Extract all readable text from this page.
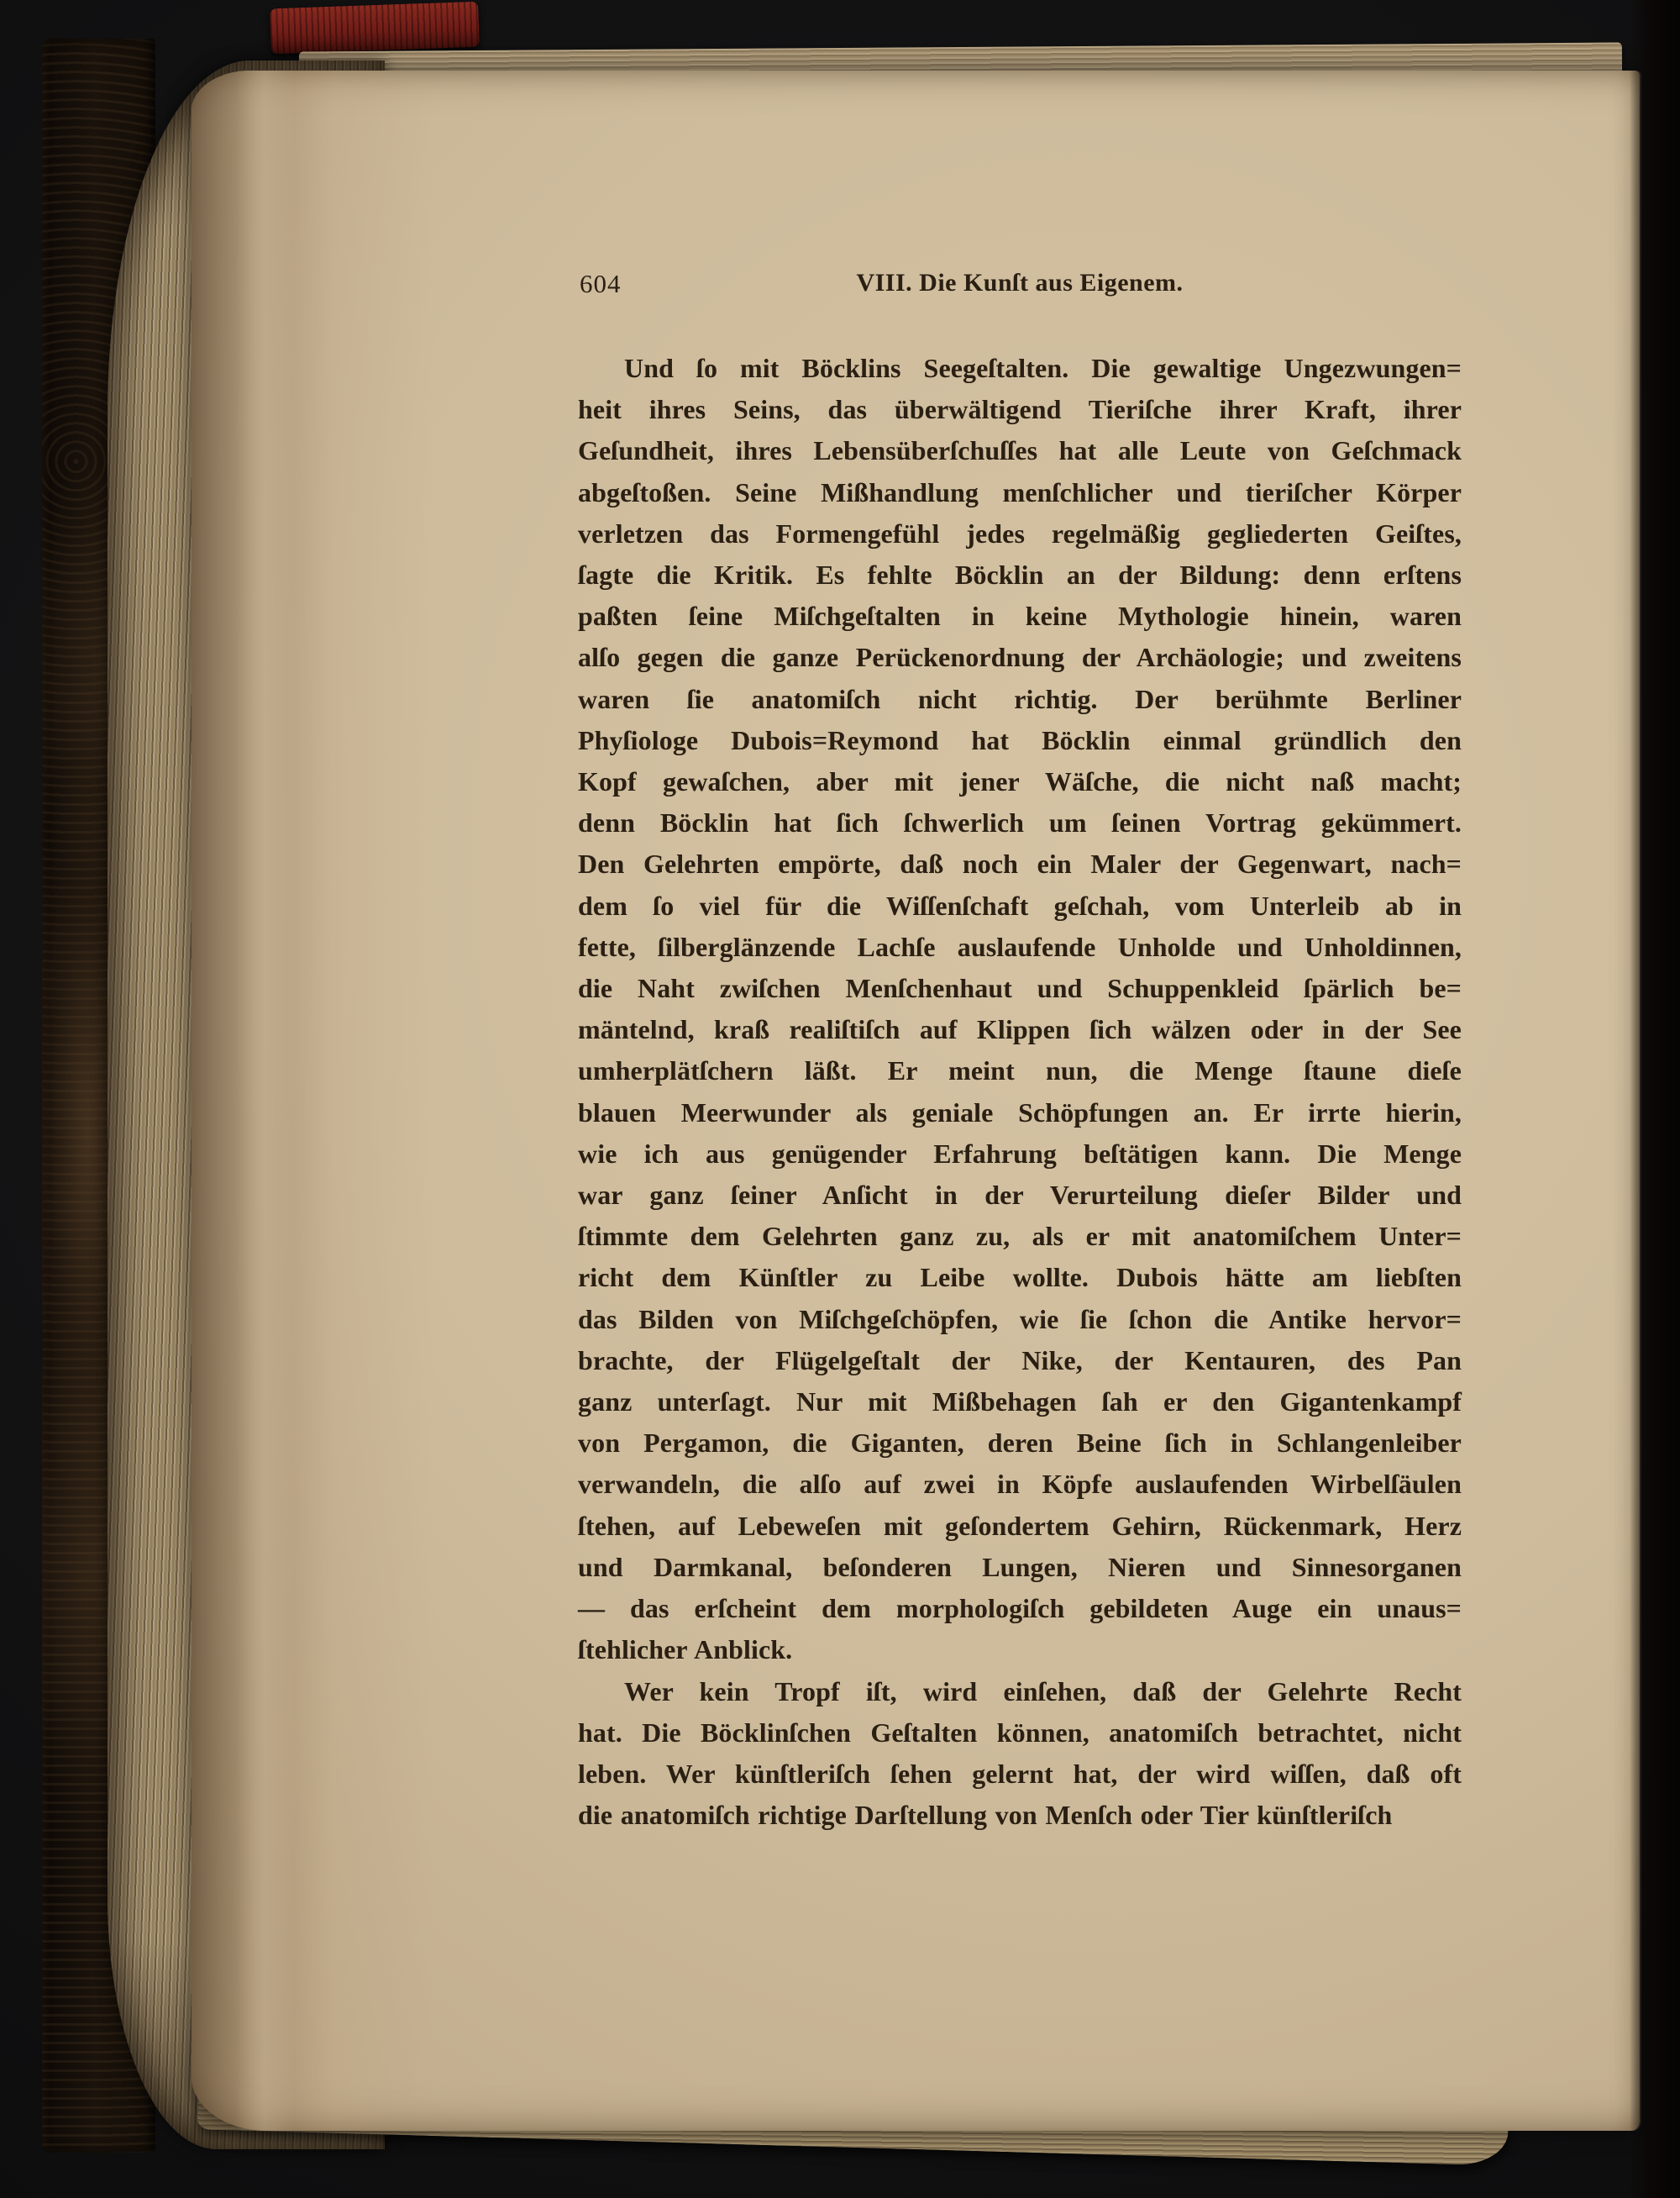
604	VIII. Die Kunſt aus Eigenem.
Und ſo mit Böcklins Seegeſtalten. Die gewaltige Ungezwungen=
heit ihres Seins, das überwältigend Tieriſche ihrer Kraft, ihrer
Geſundheit, ihres Lebensüberſchuſſes hat alle Leute von Geſchmack
abgeſtoßen. Seine Mißhandlung menſchlicher und tieriſcher Körper
verletzen das Formengefühl jedes regelmäßig gegliederten Geiſtes,
ſagte die Kritik. Es fehlte Böcklin an der Bildung: denn erſtens
paßten ſeine Miſchgeſtalten in keine Mythologie hinein, waren
alſo gegen die ganze Perückenordnung der Archäologie; und zweitens
waren ſie anatomiſch nicht richtig. Der berühmte Berliner
Phyſiologe Dubois=Reymond hat Böcklin einmal gründlich den
Kopf gewaſchen, aber mit jener Wäſche, die nicht naß macht;
denn Böcklin hat ſich ſchwerlich um ſeinen Vortrag gekümmert.
Den Gelehrten empörte, daß noch ein Maler der Gegenwart, nach=
dem ſo viel für die Wiſſenſchaft geſchah, vom Unterleib ab in
fette, ſilberglänzende Lachſe auslaufende Unholde und Unholdinnen,
die Naht zwiſchen Menſchenhaut und Schuppenkleid ſpärlich be=
mäntelnd, kraß realiſtiſch auf Klippen ſich wälzen oder in der See
umherplätſchern läßt. Er meint nun, die Menge ſtaune dieſe
blauen Meerwunder als geniale Schöpfungen an. Er irrte hierin,
wie ich aus genügender Erfahrung beſtätigen kann. Die Menge
war ganz ſeiner Anſicht in der Verurteilung dieſer Bilder und
ſtimmte dem Gelehrten ganz zu, als er mit anatomiſchem Unter=
richt dem Künſtler zu Leibe wollte. Dubois hätte am liebſten
das Bilden von Miſchgeſchöpfen, wie ſie ſchon die Antike hervor=
brachte, der Flügelgeſtalt der Nike, der Kentauren, des Pan
ganz unterſagt. Nur mit Mißbehagen ſah er den Gigantenkampf
von Pergamon, die Giganten, deren Beine ſich in Schlangenleiber
verwandeln, die alſo auf zwei in Köpfe auslaufenden Wirbelſäulen
ſtehen, auf Lebeweſen mit geſondertem Gehirn, Rückenmark, Herz
und Darmkanal, beſonderen Lungen, Nieren und Sinnesorganen
— das erſcheint dem morphologiſch gebildeten Auge ein unaus=
ſtehlicher Anblick.
Wer kein Tropf iſt, wird einſehen, daß der Gelehrte Recht
hat. Die Böcklinſchen Geſtalten können, anatomiſch betrachtet, nicht
leben. Wer künſtleriſch ſehen gelernt hat, der wird wiſſen, daß oft
die anatomiſch richtige Darſtellung von Menſch oder Tier künſtleriſch
